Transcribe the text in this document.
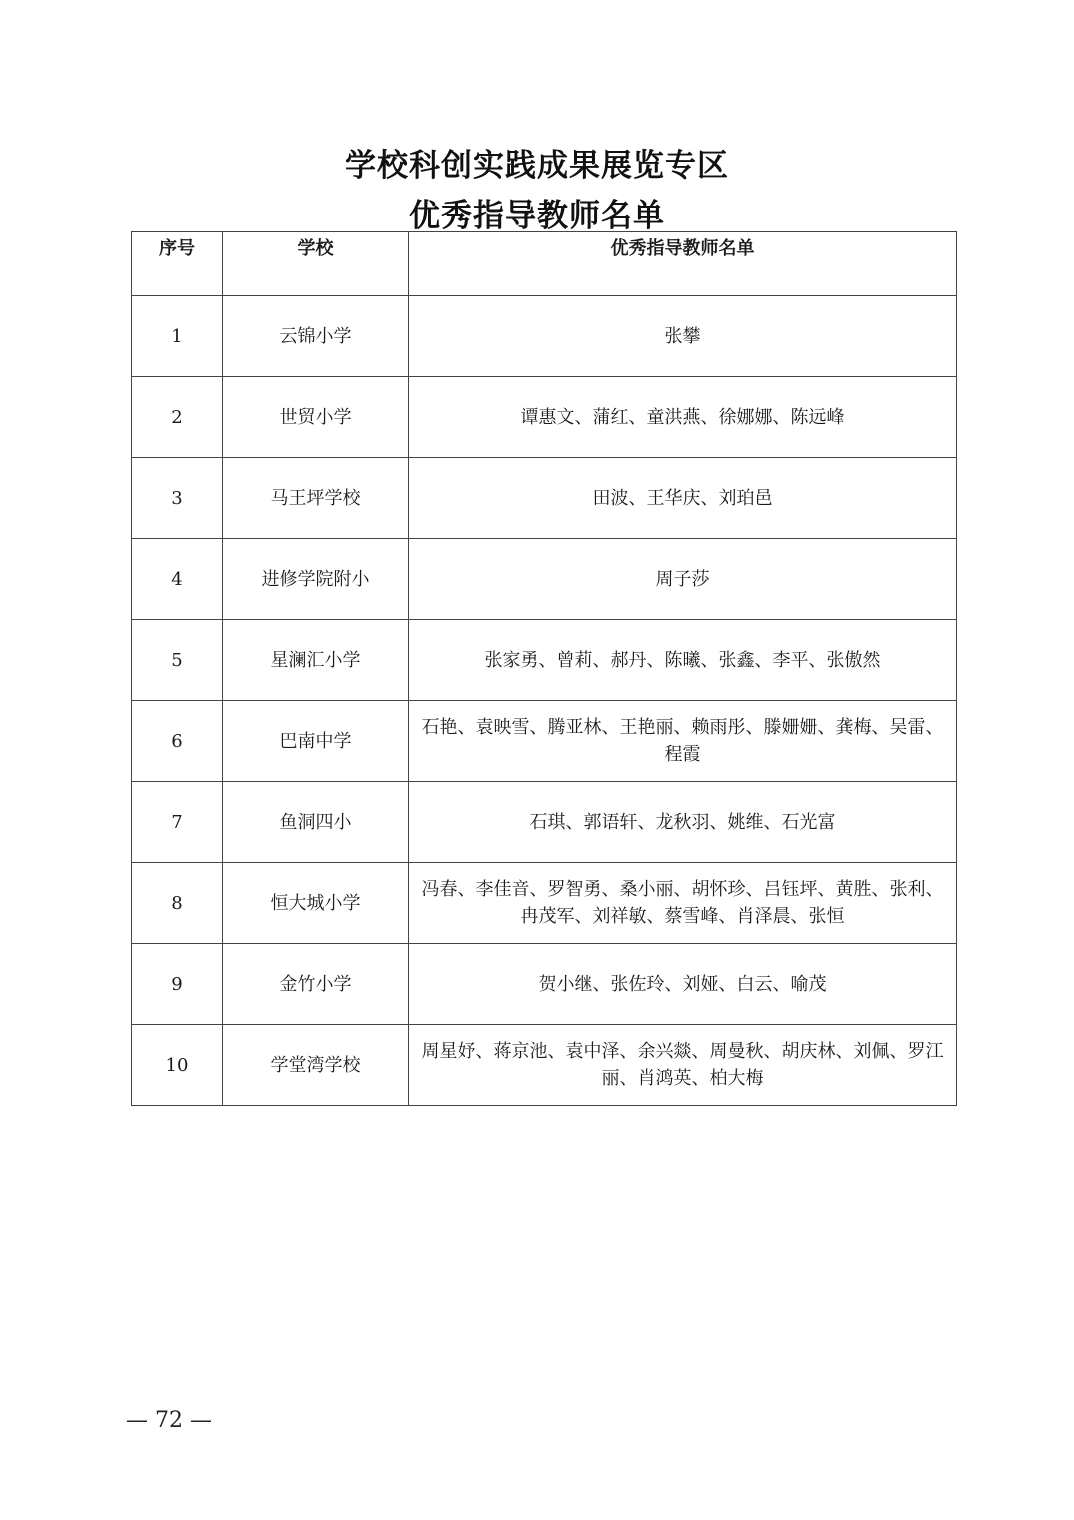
学校科创实践成果展览专区
优秀指导教师名单
序号	学校	优秀指导教师名单
1	云锦小学	张攀
2	世贸小学	谭惠文、蒲红、童洪燕、徐娜娜、陈远峰
3	马王坪学校	田波、王华庆、刘珀邑
4	进修学院附小	周子莎
5	星澜汇小学	张家勇、曾莉、郝丹、陈曦、张鑫、李平、张傲然
6	巴南中学	石艳、袁映雪、腾亚林、王艳丽、赖雨彤、滕姗姗、龚梅、吴雷、程霞
7	鱼洞四小	石琪、郭语轩、龙秋羽、姚维、石光富
8	恒大城小学	冯春、李佳音、罗智勇、桑小丽、胡怀珍、吕钰坪、黄胜、张利、冉茂军、刘祥敏、蔡雪峰、肖泽晨、张恒
9	金竹小学	贺小继、张佐玲、刘娅、白云、喻茂
10	学堂湾学校	周星妤、蒋京池、袁中泽、余兴燚、周曼秋、胡庆林、刘佩、罗江丽、肖鸿英、柏大梅
— 72 —
